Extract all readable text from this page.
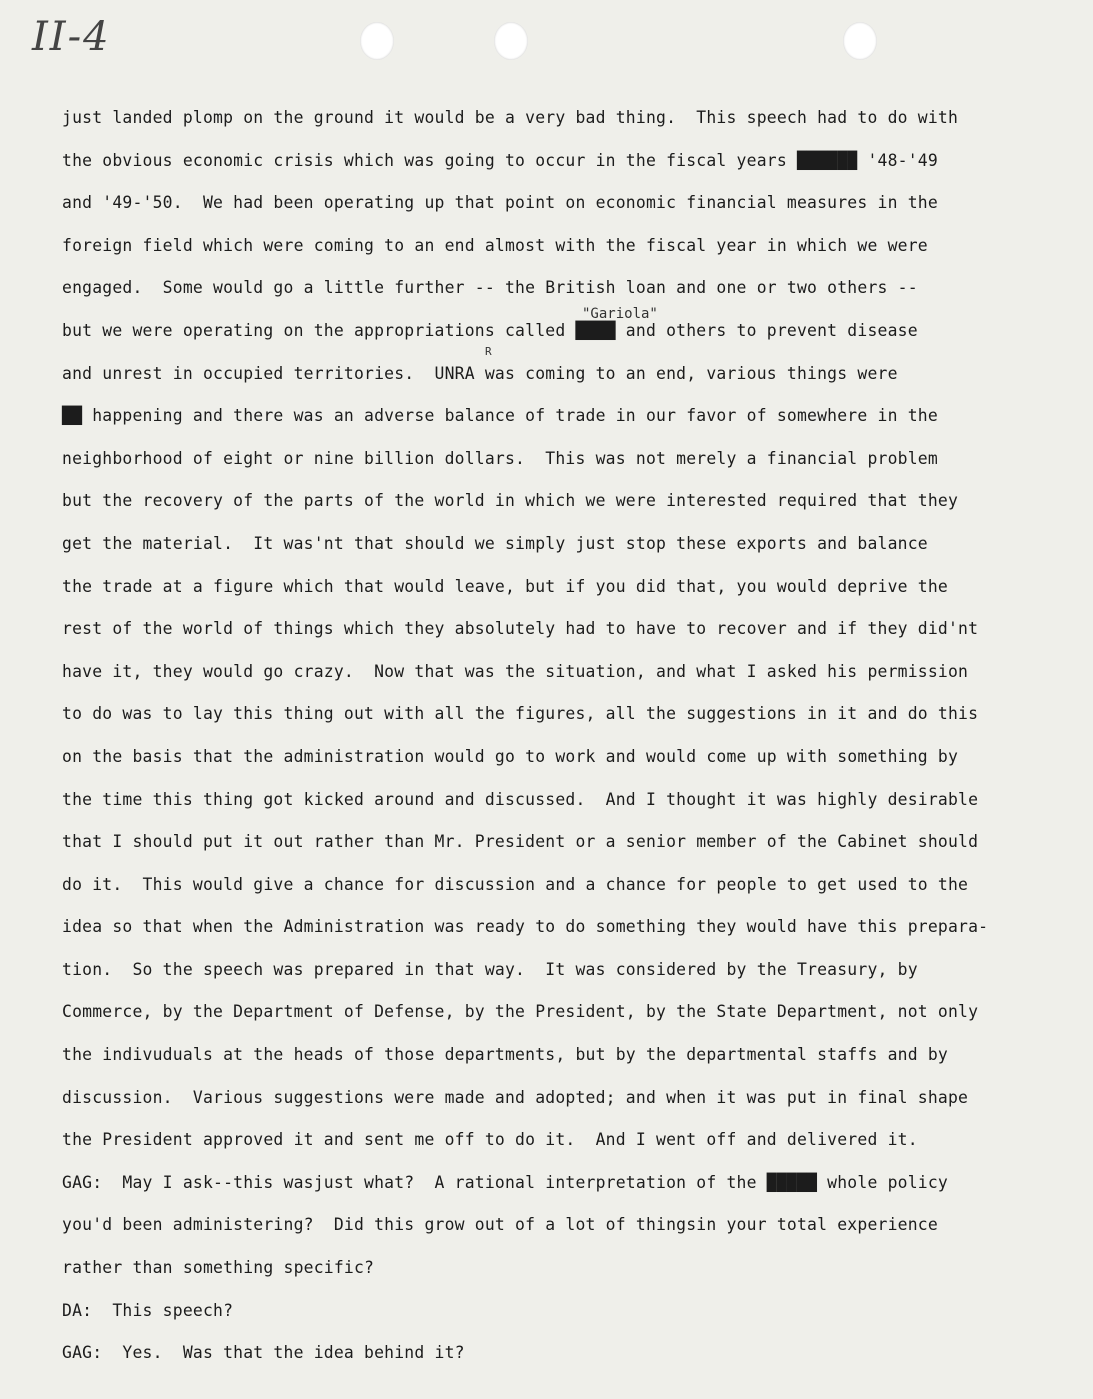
II-4
"Gariola"
R
just landed plomp on the ground it would be a very bad thing.  This speech had to do with
the obvious economic crisis which was going to occur in the fiscal years ██████ '48-'49
and '49-'50.  We had been operating up that point on economic financial measures in the
foreign field which were coming to an end almost with the fiscal year in which we were
engaged.  Some would go a little further -- the British loan and one or two others --
but we were operating on the appropriations called ████ and others to prevent disease
and unrest in occupied territories.  UNRA was coming to an end, various things were
██ happening and there was an adverse balance of trade in our favor of somewhere in the
neighborhood of eight or nine billion dollars.  This was not merely a financial problem
but the recovery of the parts of the world in which we were interested required that they
get the material.  It was'nt that should we simply just stop these exports and balance
the trade at a figure which that would leave, but if you did that, you would deprive the
rest of the world of things which they absolutely had to have to recover and if they did'nt
have it, they would go crazy.  Now that was the situation, and what I asked his permission
to do was to lay this thing out with all the figures, all the suggestions in it and do this
on the basis that the administration would go to work and would come up with something by
the time this thing got kicked around and discussed.  And I thought it was highly desirable
that I should put it out rather than Mr. President or a senior member of the Cabinet should
do it.  This would give a chance for discussion and a chance for people to get used to the
idea so that when the Administration was ready to do something they would have this prepara-
tion.  So the speech was prepared in that way.  It was considered by the Treasury, by
Commerce, by the Department of Defense, by the President, by the State Department, not only
the indivuduals at the heads of those departments, but by the departmental staffs and by
discussion.  Various suggestions were made and adopted; and when it was put in final shape
the President approved it and sent me off to do it.  And I went off and delivered it.
GAG:  May I ask--this wasjust what?  A rational interpretation of the █████ whole policy
you'd been administering?  Did this grow out of a lot of thingsin your total experience
rather than something specific?
DA:  This speech?
GAG:  Yes.  Was that the idea behind it?
